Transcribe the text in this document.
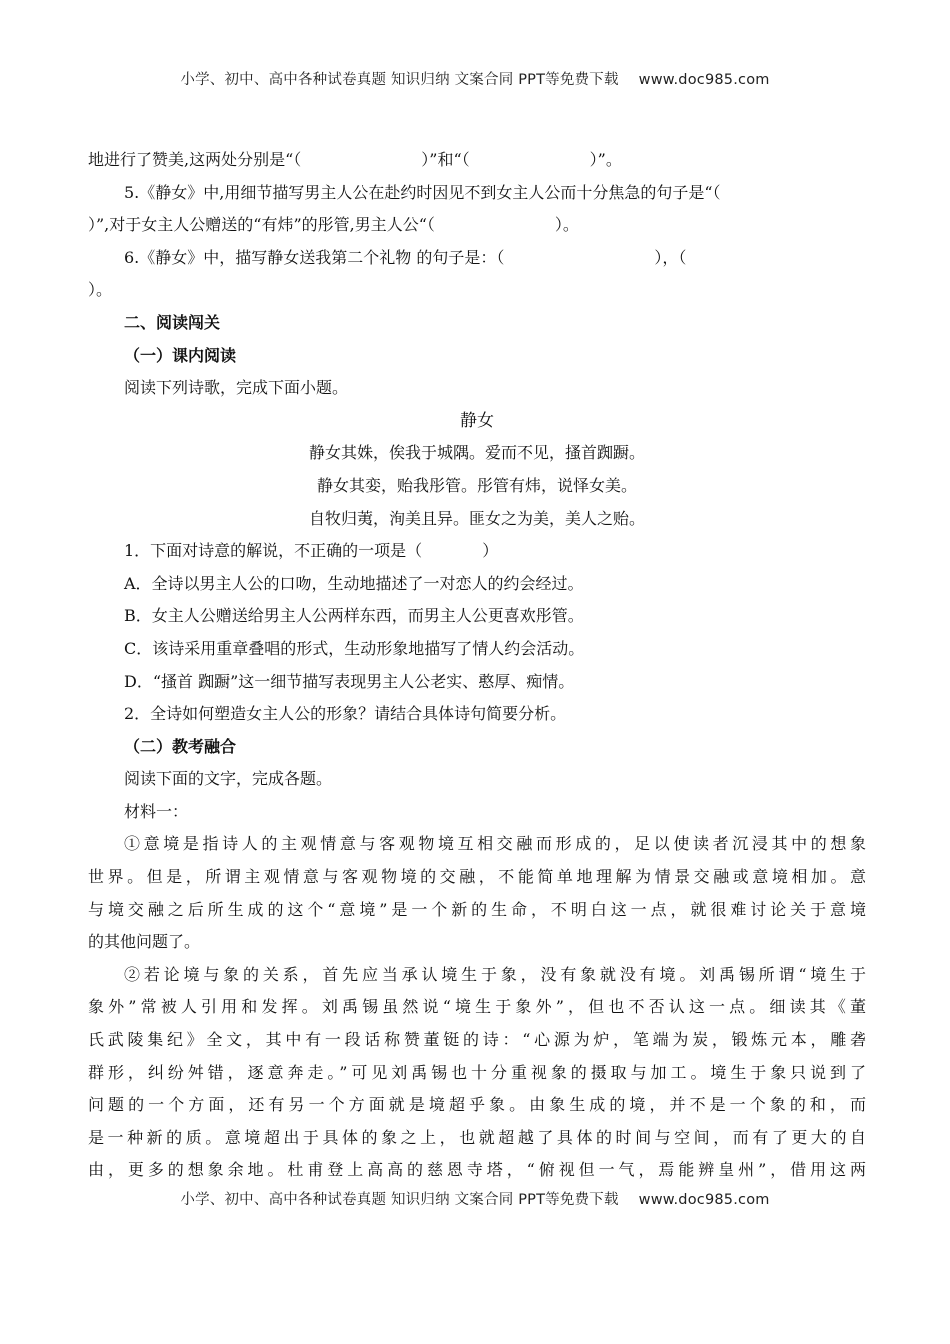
小学、初中、高中各种试卷真题 知识归纳 文案合同 PPT等免费下载 www.doc985.com
地进行了赞美,这两处分别是“（	）”和“（	）”。
5.《静女》中,用细节描写男主人公在赴约时因见不到女主人公而十分焦急的句子是“（
）”,对于女主人公赠送的“有炜”的彤管,男主人公“（	）。
6.《静女》中，描写静女送我第二个礼物 的句子是：（	），（
）。
二、阅读闯关
（一）课内阅读
阅读下列诗歌，完成下面小题。
静女
静女其姝，俟我于城隅。爱而不见，搔首踟蹰。
静女其娈，贻我彤管。彤管有炜，说怿女美。
自牧归荑，洵美且异。匪女之为美，美人之贻。
1．下面对诗意的解说，不正确的一项是（	）
A．全诗以男主人公的口吻，生动地描述了一对恋人的约会经过。
B．女主人公赠送给男主人公两样东西，而男主人公更喜欢彤管。
C．该诗采用重章叠唱的形式，生动形象地描写了情人约会活动。
D．“搔首 踟蹰”这一细节描写表现男主人公老实、憨厚、痴情。
2．全诗如何塑造女主人公的形象？请结合具体诗句简要分析。
（二）教考融合
阅读下面的文字，完成各题。
材料一：
①意境是指诗人的主观情意与客观物境互相交融而形成的，足以使读者沉浸其中的想象
世界。但是，所谓主观情意与客观物境的交融，不能简单地理解为情景交融或意境相加。意
与境交融之后所生成的这个“意境”是一个新的生命，不明白这一点，就很难讨论关于意境
的其他问题了。
②若论境与象的关系，首先应当承认境生于象，没有象就没有境。刘禹锡所谓“境生于
象外”常被人引用和发挥。刘禹锡虽然说“境生于象外”，但也不否认这一点。细读其《董
氏武陵集纪》全文，其中有一段话称赞董铤的诗：“心源为炉，笔端为炭，锻炼元本，雕砻
群形，纠纷舛错，逐意奔走。”可见刘禹锡也十分重视象的摄取与加工。境生于象只说到了
问题的一个方面，还有另一个方面就是境超乎象。由象生成的境，并不是一个象的和，而
是一种新的质。意境超出于具体的象之上，也就超越了具体的时间与空间，而有了更大的自
由，更多的想象余地。杜甫登上高高的慈恩寺塔，“俯视但一气，焉能辨皇州”，借用这两
小学、初中、高中各种试卷真题 知识归纳 文案合同 PPT等免费下载 www.doc985.com
